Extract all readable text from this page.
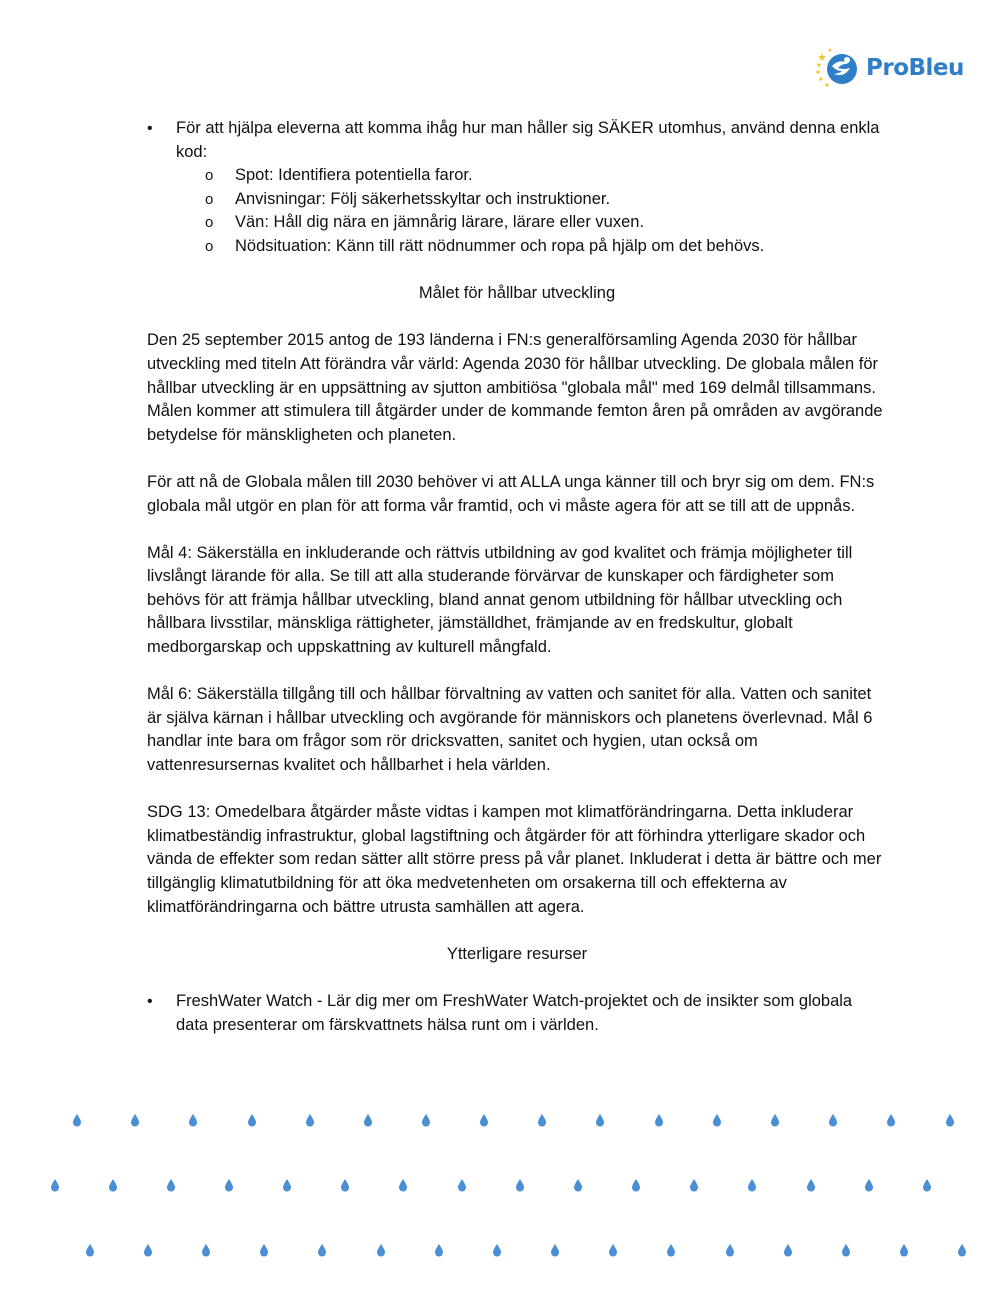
ProBleu
•	För att hjälpa eleverna att komma ihåg hur man håller sig SÄKER utomhus, använd denna enkla kod:
o	Spot: Identifiera potentiella faror.
o	Anvisningar: Följ säkerhetsskyltar och instruktioner.
o	Vän: Håll dig nära en jämnårig lärare, lärare eller vuxen.
o	Nödsituation: Känn till rätt nödnummer och ropa på hjälp om det behövs.
Målet för hållbar utveckling

Den 25 september 2015 antog de 193 länderna i FN:s generalförsamling Agenda 2030 för hållbar utveckling med titeln Att förändra vår värld: Agenda 2030 för hållbar utveckling. De globala målen för hållbar utveckling är en uppsättning av sjutton ambitiösa "globala mål" med 169 delmål tillsammans. Målen kommer att stimulera till åtgärder under de kommande femton åren på områden av avgörande betydelse för mänskligheten och planeten.

För att nå de Globala målen till 2030 behöver vi att ALLA unga känner till och bryr sig om dem. FN:s globala mål utgör en plan för att forma vår framtid, och vi måste agera för att se till att de uppnås.

Mål 4: Säkerställa en inkluderande och rättvis utbildning av god kvalitet och främja möjligheter till livslångt lärande för alla. Se till att alla studerande förvärvar de kunskaper och färdigheter som behövs för att främja hållbar utveckling, bland annat genom utbildning för hållbar utveckling och hållbara livsstilar, mänskliga rättigheter, jämställdhet, främjande av en fredskultur, globalt medborgarskap och uppskattning av kulturell mångfald.

Mål 6: Säkerställa tillgång till och hållbar förvaltning av vatten och sanitet för alla. Vatten och sanitet är själva kärnan i hållbar utveckling och avgörande för människors och planetens överlevnad. Mål 6 handlar inte bara om frågor som rör dricksvatten, sanitet och hygien, utan också om vattenresursernas kvalitet och hållbarhet i hela världen.

SDG 13: Omedelbara åtgärder måste vidtas i kampen mot klimatförändringarna. Detta inkluderar klimatbeständig infrastruktur, global lagstiftning och åtgärder för att förhindra ytterligare skador och vända de effekter som redan sätter allt större press på vår planet. Inkluderat i detta är bättre och mer tillgänglig klimatutbildning för att öka medvetenheten om orsakerna till och effekterna av klimatförändringarna och bättre utrusta samhällen att agera.

Ytterligare resurser
•	FreshWater Watch - Lär dig mer om FreshWater Watch-projektet och de insikter som globala data presenterar om färskvattnets hälsa runt om i världen.
